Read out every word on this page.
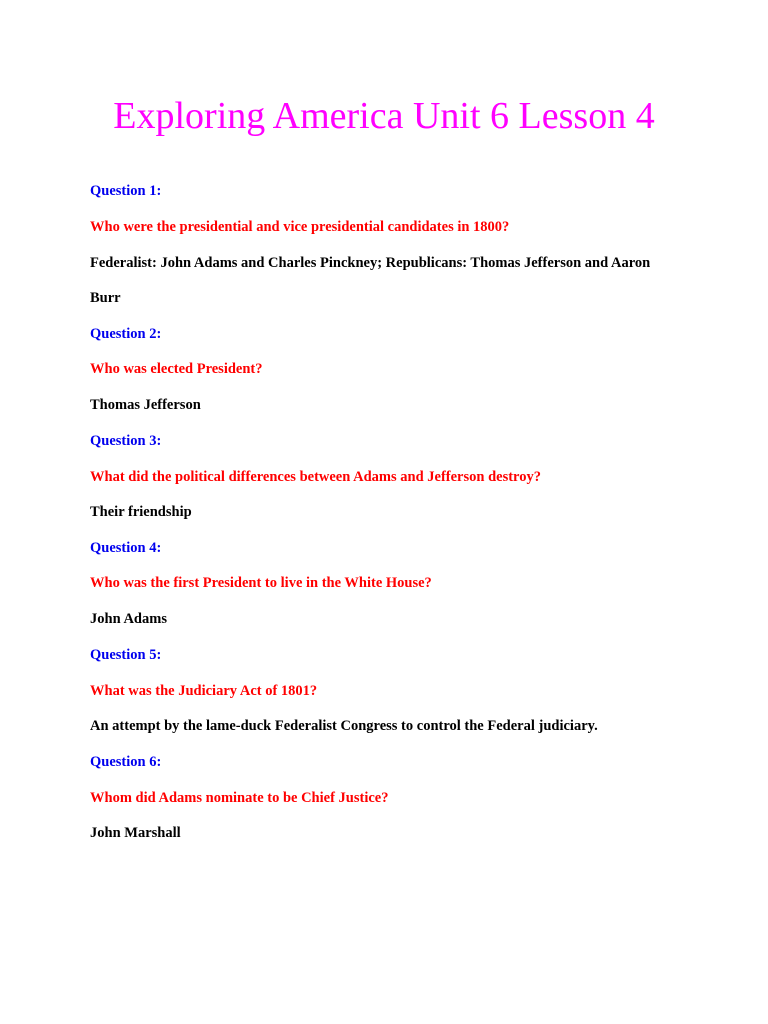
Exploring America Unit 6 Lesson 4
Question 1:
Who were the presidential and vice presidential candidates in 1800?
Federalist: John Adams and Charles Pinckney; Republicans: Thomas Jefferson and Aaron
Burr
Question 2:
Who was elected President?
Thomas Jefferson
Question 3:
What did the political differences between Adams and Jefferson destroy?
Their friendship
Question 4:
Who was the first President to live in the White House?
John Adams
Question 5:
What was the Judiciary Act of 1801?
An attempt by the lame-duck Federalist Congress to control the Federal judiciary.
Question 6:
Whom did Adams nominate to be Chief Justice?
John Marshall
